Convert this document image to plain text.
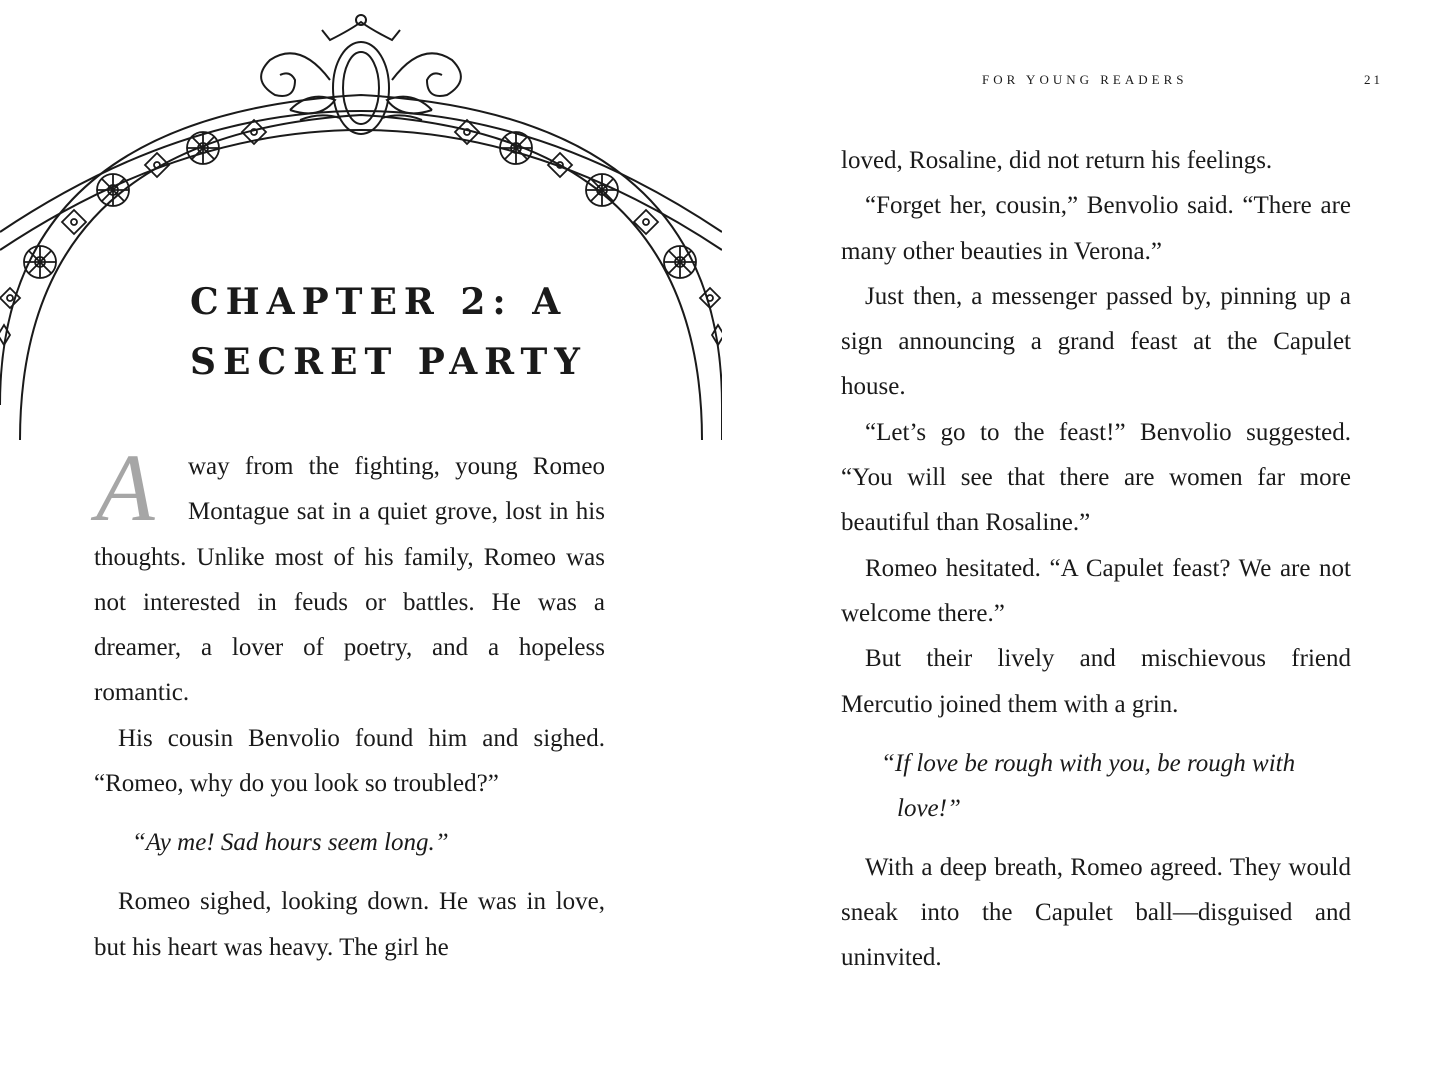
CHAPTER 2: A
SECRET PARTY

A	way from the fighting, young Romeo Montague sat in a quiet grove, lost in his thoughts. Unlike most of his family, Romeo was not interested in feuds or battles. He was a dreamer, a lover of poetry, and a hopeless romantic.

His cousin Benvolio found him and sighed. “Romeo, why do you look so troubled?”

“Ay me! Sad hours seem long.”

Romeo sighed, looking down. He was in love, but his heart was heavy. The girl he

FOR YOUNG READERS	21

loved, Rosaline, did not return his feelings.

“Forget her, cousin,” Benvolio said. “There are many other beauties in Verona.”

Just then, a messenger passed by, pinning up a sign announcing a grand feast at the Capulet house.

“Let’s go to the feast!” Benvolio suggested. “You will see that there are women far more beautiful than Rosaline.”

Romeo hesitated. “A Capulet feast? We are not welcome there.”

But their lively and mischievous friend Mercutio joined them with a grin.

“If love be rough with you, be rough with
love!”

With a deep breath, Romeo agreed. They would sneak into the Capulet ball—disguised and uninvited.
